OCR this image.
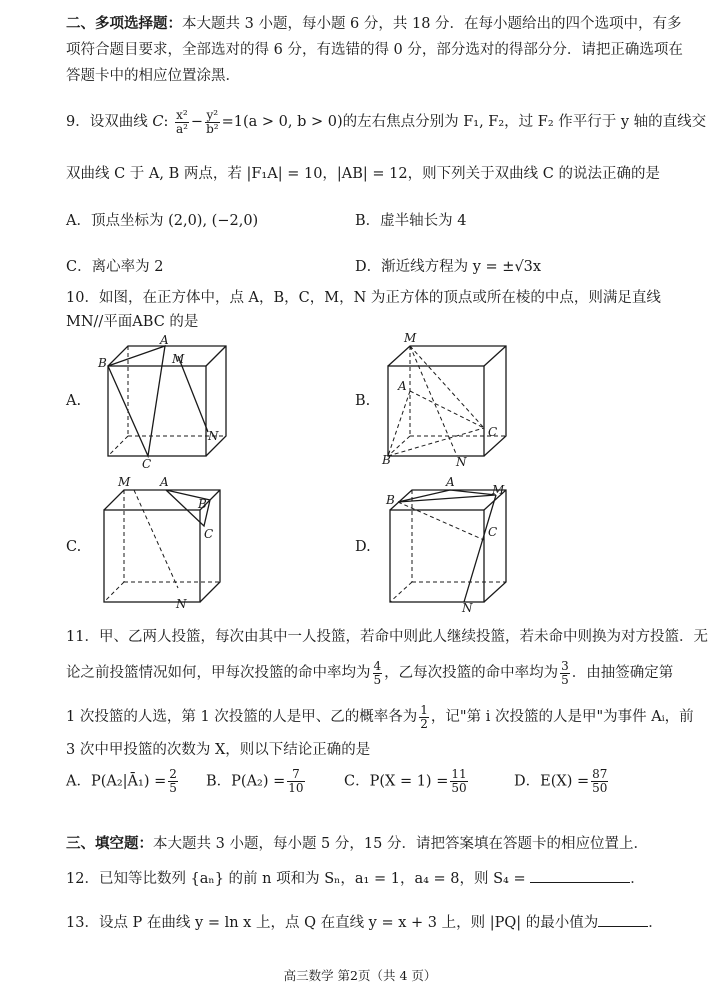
二、多项选择题：本大题共 3 小题，每小题 6 分，共 18 分．在每小题给出的四个选项中，有多
项符合题目要求，全部选对的得 6 分，有选错的得 0 分，部分选对的得部分分．请把正确选项在
答题卡中的相应位置涂黑．
9．设双曲线 C: $\frac{\text{x²}}{\text{a²}} - \frac{\text{y²}}{\text{b²}} =1(a > 0$, b > 0)的左右焦点分别为 F₁, F₂，过 F₂ 作平行于 y 轴的直线交
双曲线 C 于 A, B 两点，若 |F₁A| = 10，|AB| = 12，则下列关于双曲线 C 的说法正确的是
A．顶点坐标为 (2,0), (−2,0)	B．虚半轴长为 4
C．离心率为 2	D．渐近线方程为 y = ±√3x
10．如图，在正方体中，点 A，B，C，M，N 为正方体的顶点或所在棱的中点，则满足直线
MN//平面ABC 的是
A.	B.
C.	D.
A
B	M
N
C
M
A
C
B	N
M A
B
C
N
B
A
M
C
N
11．甲、乙两人投篮，每次由其中一人投篮，若命中则此人继续投篮，若未命中则换为对方投篮．无
论之前投篮情况如何，甲每次投篮的命中率均为 $\frac{4}{5}$ ，乙每次投篮的命中率均为 $\frac{3}{5}$ ．由抽签确定第
1 次投篮的人选，第 1 次投篮的人是甲、乙的概率各为 $\frac{1}{2}$ ，记"第 i 次投篮的人是甲"为事件 Aᵢ，前
3 次中甲投篮的次数为 X，则以下结论正确的是
A．P(A₂|Ā₁) = $\frac{2}{5}$ B．$P(A_2) = \frac{7}{10}$	C．$P(X = 1) = \frac{11}{50}$	D．$E(X) = \frac{87}{50}$
三、填空题：本大题共 3 小题，每小题 5 分，15 分．请把答案填在答题卡的相应位置上．
12．已知等比数列 {aₙ} 的前 n 项和为 Sₙ，a₁ = 1，a₄ = 8，则 S₄ =	．
13．设点 P 在曲线 y = ln x 上，点 Q 在直线 y = x + 3 上，则 |PQ| 的最小值为	．
高三数学 第2页（共 4 页）
